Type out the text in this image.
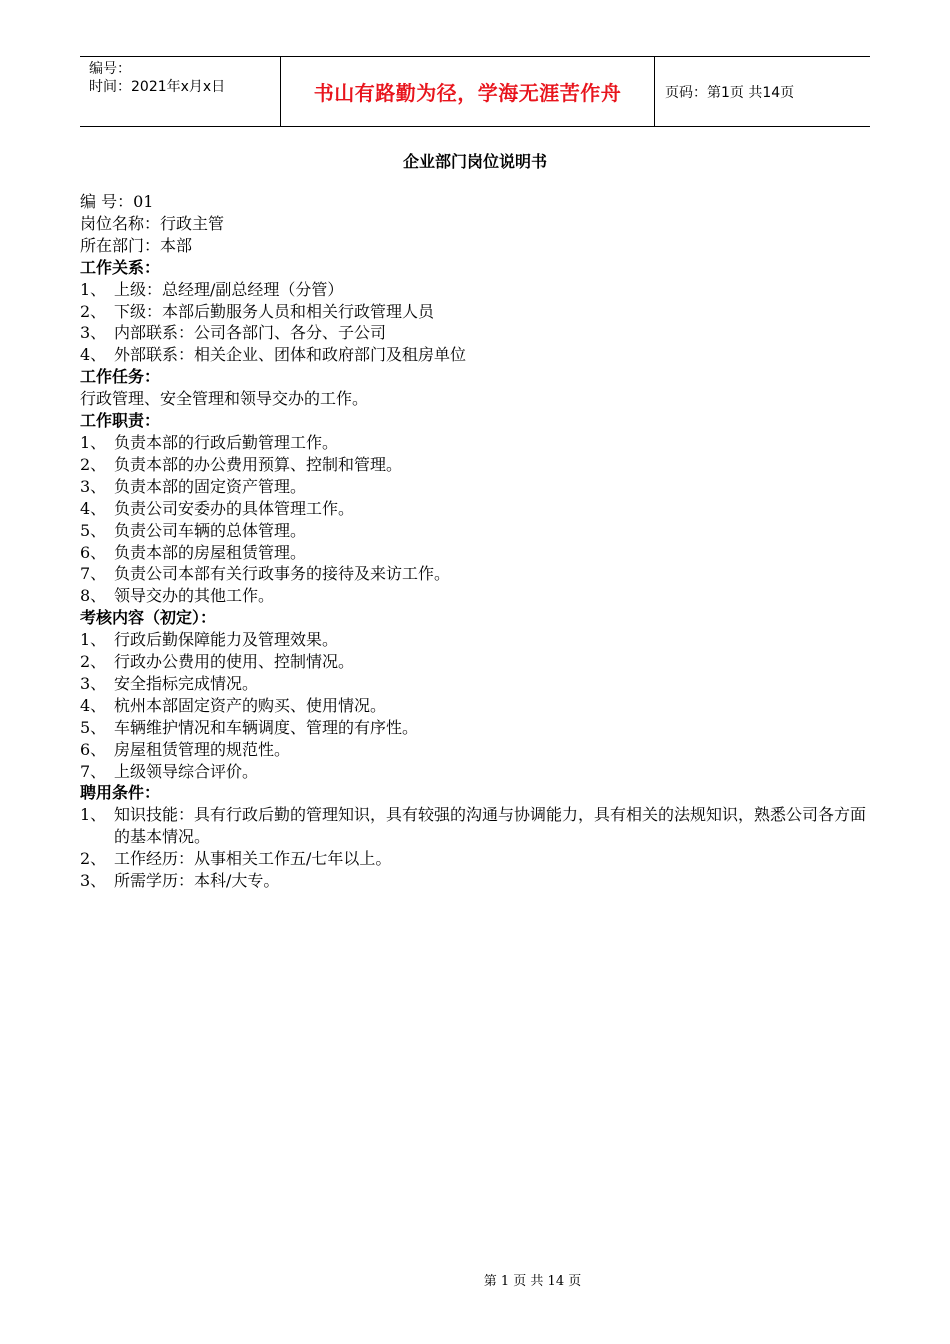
编号：
时间：2021年x月x日	书山有路勤为径，学海无涯苦作舟	页码：第1页 共14页
企业部门岗位说明书
编 号：01
岗位名称：行政主管
所在部门：本部
工作关系：
1、 上级：总经理/副总经理（分管）
2、 下级：本部后勤服务人员和相关行政管理人员
3、 内部联系：公司各部门、各分、子公司
4、 外部联系：相关企业、团体和政府部门及租房单位
工作任务：
行政管理、安全管理和领导交办的工作。
工作职责：
1、 负责本部的行政后勤管理工作。
2、 负责本部的办公费用预算、控制和管理。
3、 负责本部的固定资产管理。
4、 负责公司安委办的具体管理工作。
5、 负责公司车辆的总体管理。
6、 负责本部的房屋租赁管理。
7、 负责公司本部有关行政事务的接待及来访工作。
8、 领导交办的其他工作。
考核内容（初定）：
1、 行政后勤保障能力及管理效果。
2、 行政办公费用的使用、控制情况。
3、 安全指标完成情况。
4、 杭州本部固定资产的购买、使用情况。
5、 车辆维护情况和车辆调度、管理的有序性。
6、 房屋租赁管理的规范性。
7、 上级领导综合评价。
聘用条件：
1、 知识技能：具有行政后勤的管理知识，具有较强的沟通与协调能力，具有相关的法规知识，熟悉公司各方面的基本情况。
2、 工作经历：从事相关工作五/七年以上。
3、 所需学历：本科/大专。
第 1 页 共 14 页
